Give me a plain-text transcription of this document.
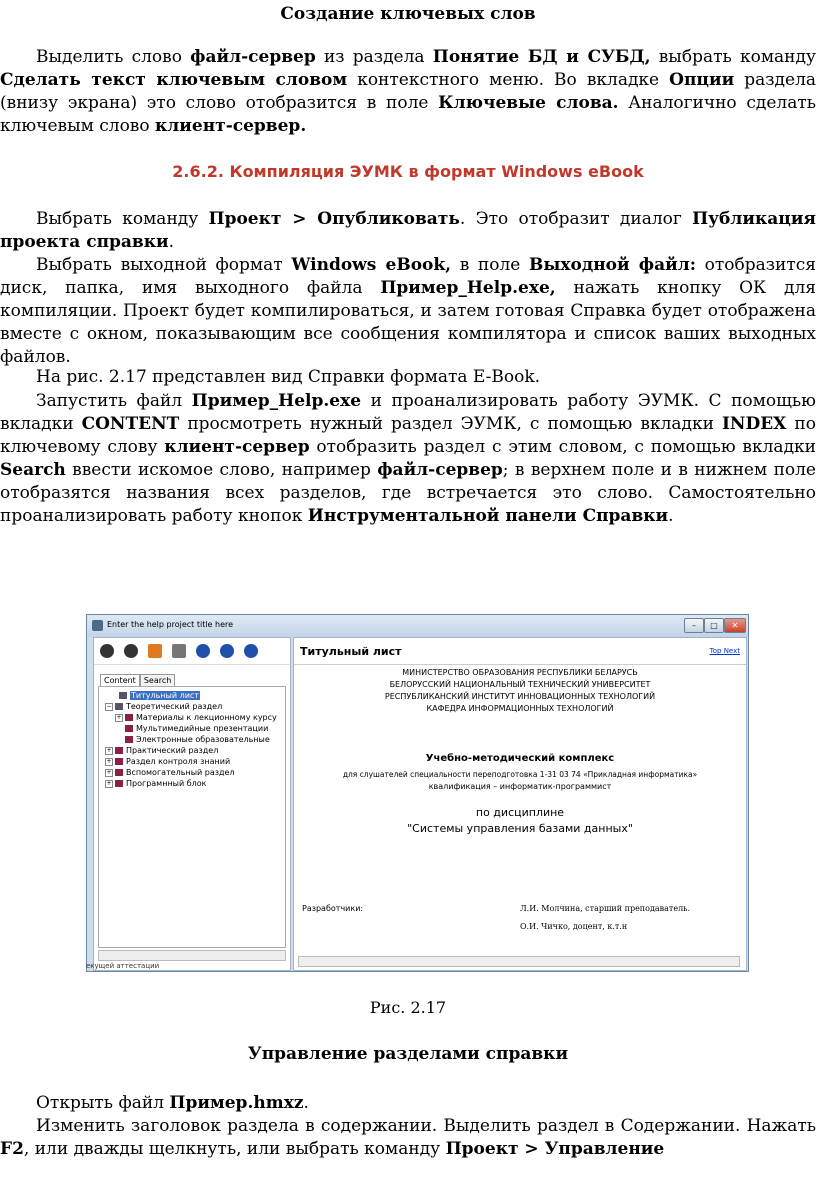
Создание ключевых слов
Выделить слово файл-сервер из раздела Понятие БД и СУБД, выбрать команду Сделать текст ключевым словом контекстного меню. Во вкладке Опции раздела (внизу экрана) это слово отобразится в поле Ключевые слова. Аналогично сделать ключевым слово клиент-сервер.
2.6.2. Компиляция ЭУМК в формат Windows eBook
Выбрать команду Проект > Опубликовать. Это отобразит диалог Публикация проекта справки.
Выбрать выходной формат Windows eBook, в поле Выходной файл: отобразится диск, папка, имя выходного файла Пример_Help.exe, нажать кнопку ОК для компиляции. Проект будет компилироваться, и затем готовая Справка будет отображена вместе с окном, показывающим все сообщения компилятора и список ваших выходных файлов.
На рис. 2.17 представлен вид Справки формата E-Book.
Запустить файл Пример_Help.exe и проанализировать работу ЭУМК. С помощью вкладки CONTENT просмотреть нужный раздел ЭУМК, с помощью вкладки INDEX по ключевому слову клиент-сервер отобразить раздел с этим словом, с помощью вкладки Search ввести искомое слово, например файл-сервер; в верхнем поле и в нижнем поле отобразятся названия всех разделов, где встречается это слово. Самостоятельно проанализировать работу кнопок Инструментальной панели Справки.
Enter the help project title here	–	□	✕
Content Search
Титульный лист
− Теоретический раздел
+ Материалы к лекционному курсу
Мультимедийные презентации
Электронные образовательные
+ Практический раздел
+ Раздел контроля знаний
+ Вспомогательный раздел
+ Програмнный блок
Титульный лист	Top Next
МИНИСТЕРСТВО ОБРАЗОВАНИЯ РЕСПУБЛИКИ БЕЛАРУСЬ
БЕЛОРУССКИЙ НАЦИОНАЛЬНЫЙ ТЕХНИЧЕСКИЙ УНИВЕРСИТЕТ
РЕСПУБЛИКАНСКИЙ ИНСТИТУТ ИННОВАЦИОННЫХ ТЕХНОЛОГИЙ
КАФЕДРА ИНФОРМАЦИОННЫХ ТЕХНОЛОГИЙ
Учебно-методический комплекс
для слушателей специальности переподготовка 1-31 03 74 «Прикладная информатика»
квалификация – информатик-программист
по дисциплине
"Системы управления базами данных"
Разработчики:	Л.И. Молчина, старший преподаватель.
О.И. Чичко, доцент, к.т.н
екущей аттестации
Рис. 2.17
Управление разделами справки
Открыть файл Пример.hmxz.
Изменить заголовок раздела в содержании. Выделить раздел в Содержании. Нажать F2, или дважды щелкнуть, или выбрать команду Проект > Управление
